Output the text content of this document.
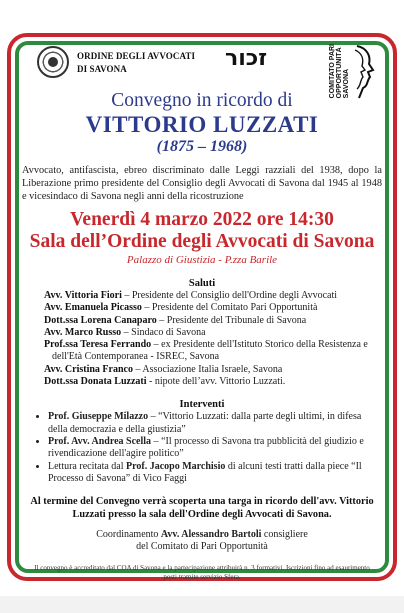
ORDINE DEGLI AVVOCATI
DI SAVONA	זכור	COMITATO PARI
OPPORTUNITÀ
SAVONA
Convegno in ricordo di
VITTORIO LUZZATI
(1875 – 1968)
Avvocato, antifascista, ebreo discriminato dalle Leggi razziali del 1938, dopo la Liberazione primo presidente del Consiglio degli Avvocati di Savona dal 1945 al 1948 e vicesindaco di Savona negli anni della ricostruzione
Venerdì 4 marzo 2022 ore 14:30
Sala dell’Ordine degli Avvocati di Savona
Palazzo di Giustizia - P.zza Barile
Saluti
Avv. Vittoria Fiori – Presidente del Consiglio dell'Ordine degli Avvocati
Avv. Emanuela Picasso – Presidente del Comitato Pari Opportunità
Dott.ssa Lorena Canaparo – Presidente del Tribunale di Savona
Avv. Marco Russo – Sindaco di Savona
Prof.ssa Teresa Ferrando – ex Presidente dell'Istituto Storico della Resistenza e dell'Età Contemporanea - ISREC, Savona
Avv. Cristina Franco – Associazione Italia Israele, Savona
Dott.ssa Donata Luzzati - nipote dell’avv. Vittorio Luzzati.
Interventi
• Prof. Giuseppe Milazzo – “Vittorio Luzzati: dalla parte degli ultimi, in difesa della democrazia e della giustizia”
• Prof. Avv. Andrea Scella – “Il processo di Savona tra pubblicità del giudizio e rivendicazione dell'agire politico”
• Lettura recitata dal Prof. Jacopo Marchisio di alcuni testi tratti dalla piece “Il Processo di Savona” di Vico Faggi
Al termine del Convegno verrà scoperta una targa in ricordo dell'avv. Vittorio Luzzati presso la sala dell'Ordine degli Avvocati di Savona.
Coordinamento Avv. Alessandro Bartoli consigliere
del Comitato di Pari Opportunità
Il convegno è accreditato dal COA di Savona e la partecipazione attribuirà n. 3 formativi. Iscrizioni fino ad esaurimento posti tramite servizio Sfera.
